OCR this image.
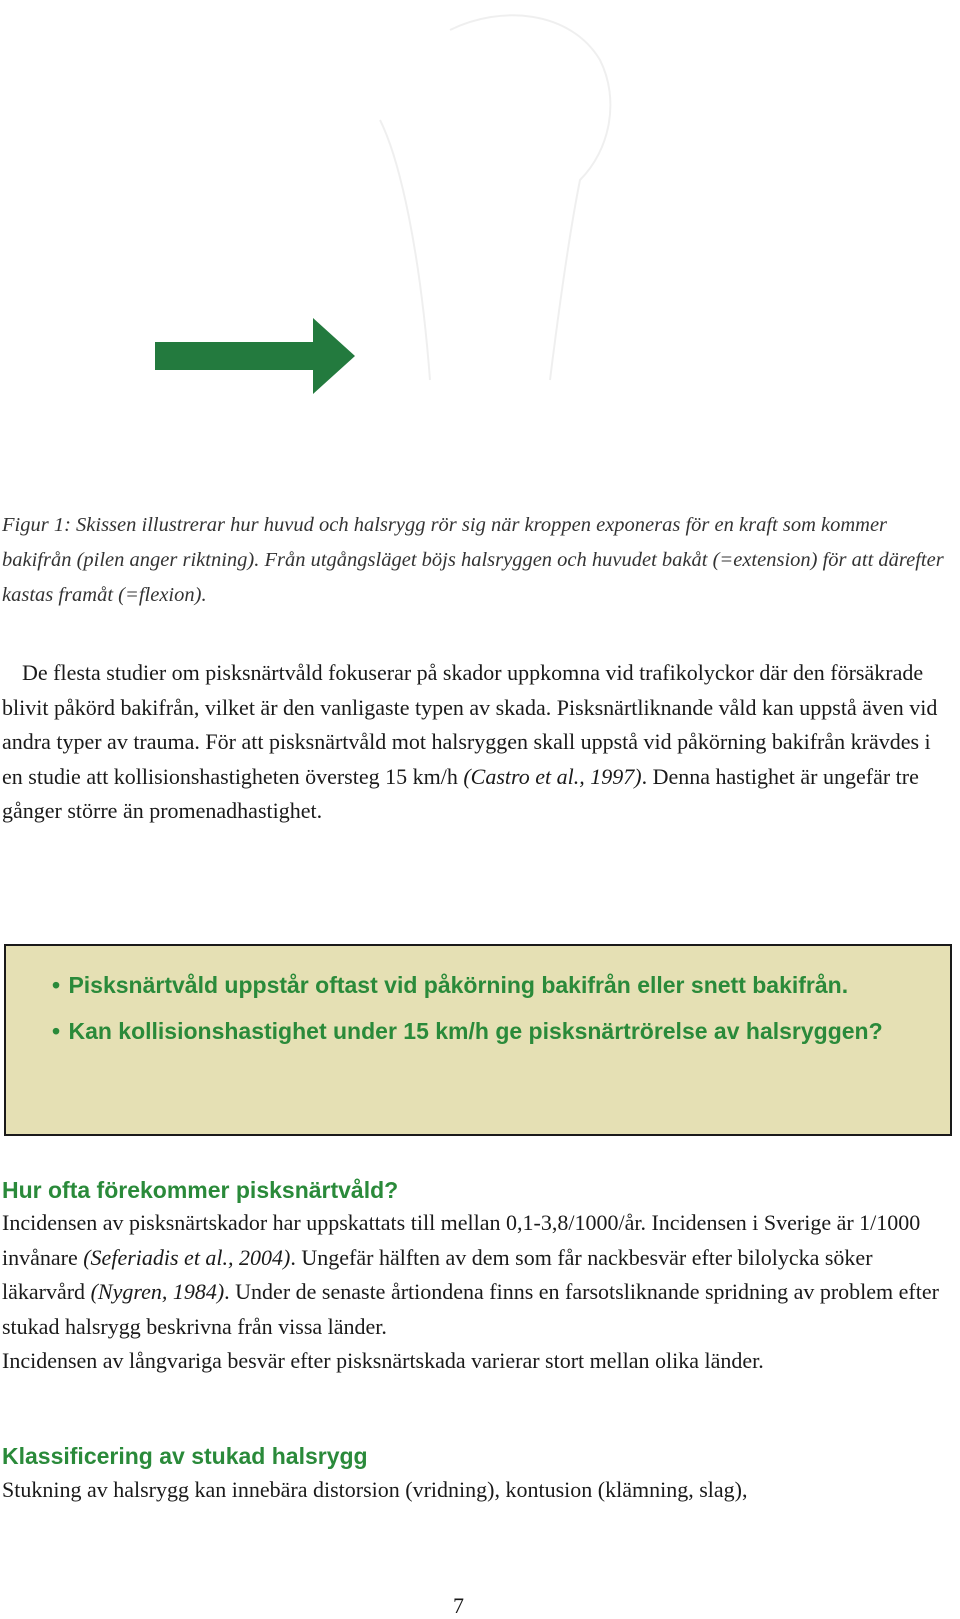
Figur 1: Skissen illustrerar hur huvud och halsrygg rör sig när kroppen exponeras för en kraft som kommer bakifrån (pilen anger riktning). Från utgångsläget böjs halsryggen och huvudet bakåt (=extension) för att därefter kastas framåt (=flexion).

De flesta studier om pisksnärtvåld fokuserar på skador uppkomna vid trafikolyckor där den försäkrade blivit påkörd bakifrån, vilket är den vanligaste typen av skada. Pisksnärtliknande våld kan uppstå även vid andra typer av trauma. För att pisksnärtvåld mot halsryggen skall uppstå vid påkörning bakifrån krävdes i en studie att kollisionshastigheten översteg 15 km/h (Castro et al., 1997). Denna hastighet är ungefär tre gånger större än promenadhastighet.

• Pisksnärtvåld uppstår oftast vid påkörning bakifrån eller snett bakifrån.
• Kan kollisionshastighet under 15 km/h ge pisksnärtrörelse av halsryggen?
Hur ofta förekommer pisksnärtvåld?

Incidensen av pisksnärtskador har uppskattats till mellan 0,1-3,8/1000/år. Incidensen i Sverige är 1/1000 invånare (Seferiadis et al., 2004). Ungefär hälften av dem som får nackbesvär efter bilolycka söker läkarvård (Nygren, 1984). Under de senaste årtiondena finns en farsotsliknande spridning av problem efter stukad halsrygg beskrivna från vissa länder.
Incidensen av långvariga besvär efter pisksnärtskada varierar stort mellan olika länder.

Klassificering av stukad halsrygg

Stukning av halsrygg kan innebära distorsion (vridning), kontusion (klämning, slag),

7
